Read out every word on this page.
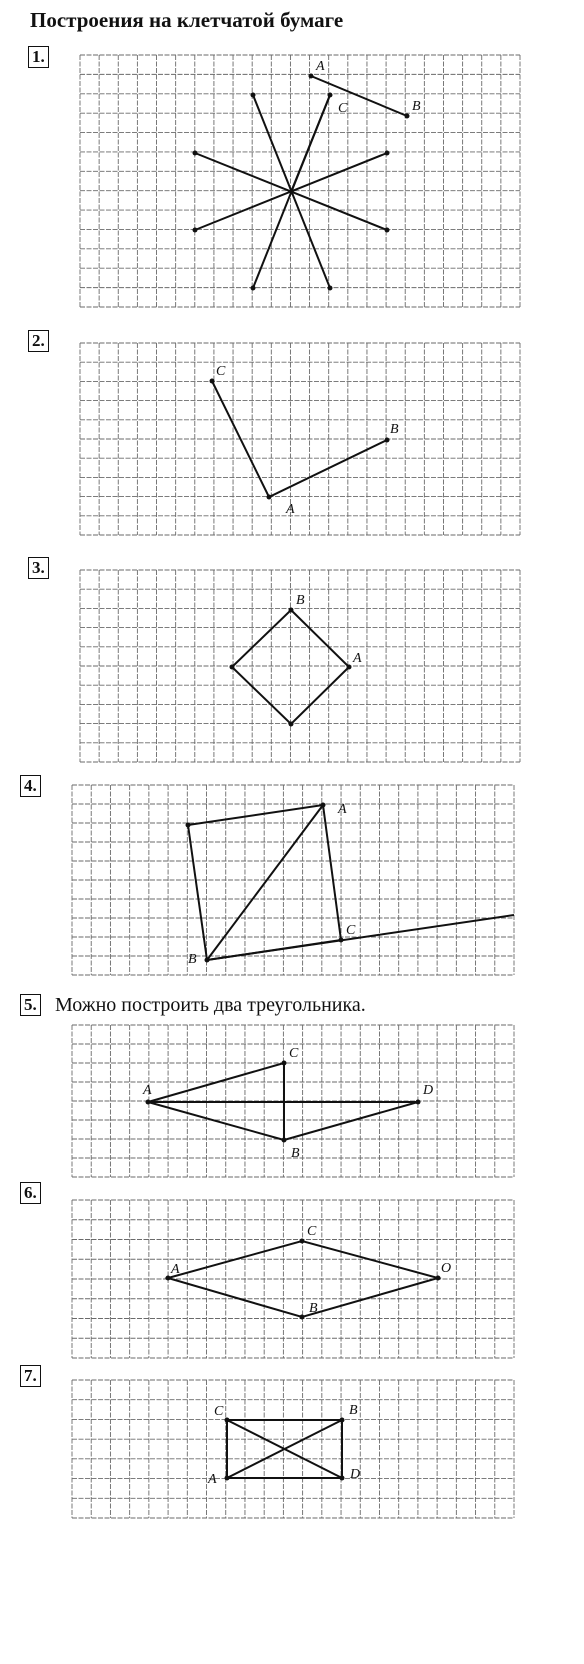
Построения на клетчатой бумаге
1.
2.
3.
4.
5. Можно построить два треугольника.
6.
7.
A
B
C
C
B
A
B
A
A
C
B
C
A	D
B
C
A	O
B
C	B
A	D
